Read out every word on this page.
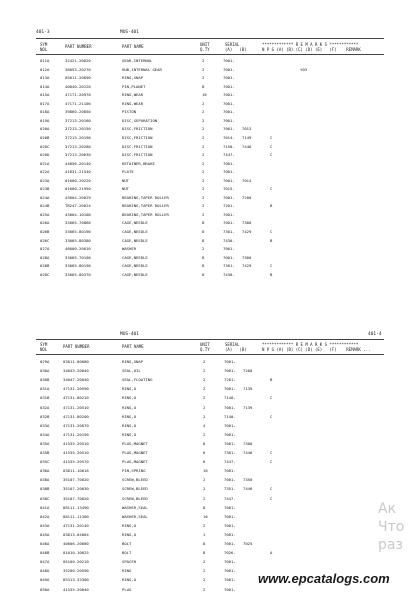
401-3	MUS-401
SYM
NOL
PART NUMBER	PART NAME	UNIT
Q.TY
SERIAL
(A)   (B)
************* R E M A R K S ************
N P G (A) (B) (C) (D) (E)   (F)    REMARK
011A	32421-20020	GEAR,INTERNAL	2	7001-
012A	38053-20270	HUB,INTERNAL GEAR	2	7001-	Y03
013A	05011-20090	RING,SNAP	2	7001-
014A	40040-20120	PIN,PLANET	8	7001-
015A	47171-20970	RING,WEAR	16	7001-
017A	47171-21100	RING,WEAR	2	7001-
018A	39860-20850	PISTON	2	7001-
019A	37213-20160	DISC,SEPARATION	2	7001-
020A	37213-20150	DISC,FRICTION	2	7001- 7013
020B	37213-20190	DISC,FRICTION	2	7014- 7149	C
020C	37213-20280	DISC,FRICTION	2	7150- 7446	C
020D	37213-20630	DISC,FRICTION	2	7447-	C
021A	44856-20140	RETAINER,BRAKE	2	7001-
022A	41831-21540	PLATE	2	7001-
023A	01600-20220	NUT	2	7001- 7014
023B	01600-21950	NUT	2	7015-	C
024A	43004-20029	BEARING,TAPER ROLLER	2	7001- 7200
024B	TB247-20024	BEARING,TAPER ROLLER	2	7201-	B
025A	43004-10100	BEARING,TAPER ROLLER	2	7001-
026A	33065-70060	CAGE,NEEDLE	8	7001- 7300
026B	33065-80190	CAGE,NEEDLE	8	7301- 7429	C
026C	33065-80380	CAGE,NEEDLE	8	7430-	B
027A	48000-20010	WASHER	2	7001-
028A	33065-70100	CAGE,NEEDLE	8	7001- 7300
028B	33065-80190	CAGE,NEEDLE	8	7301- 7429	C
028C	33065-80370	CAGE,NEEDLE	8	7430-	B
MUS-401	401-4
SYM
NOL
PART NUMBER	PART NAME	UNIT
Q.TY
SERIAL
(A)   (B)
************* R E M A R K S ************
N P G (A) (B) (C) (D) (E)   (F)    REMARK ...
029A	03011-00080	RING,SNAP	2	7001-
030A	34043-20040	SEAL,OIL	2	7001- 7200
030B	34047-20040	SEAL,FLOATING	2	7201-	B
031A	47131-20590	RING,O	2	7001- 7139
031B	47131-80210	RING,O	2	7140-	C
032A	47131-20510	RING,O	2	7001- 7139
032B	47131-80200	RING,O	2	7140-	C
033A	47131-20870	RING,O	4	7001-
034A	47131-20190	RING,O	2	7001-
035A	41535-20510	PLUG,MAGNET	6	7001- 7300
035B	41535-20510	PLUG,MAGNET	6	7301- 7446	C
035C	41535-20570	PLUG,MAGNET	6	7447-	C
036A	03011-10016	PIN,SPRING	16	7001-
038A	35107-70020	SCREW,BLEED	2	7001- 7350
038B	35107-20030	SCREW,BLEED	2	7351- 7446	C
038C	35107-70020	SCREW,BLEED	2	7447-	C
041A	88111-13490	WASHER,SEAL	8	7001-
042A	88111-11300	WASHER,SEAL	16	7001-
043A	47131-20140	RING,O	2	7001-
045A	03013-04064	RING,O	1	7001-
046A	40606-20680	BOLT	8	7001- 7025
046B	01010-10025	BOLT	8	7026-	A
047A	05100-20210	SPACER	2	7001-
048A	35200-20590	RING	2	7001-
049A	85313-33300	RING,O	2	7001-
050A	41535-20040	PLUG	2	7001-
Ак
Что
раз
www.epcatalogs.com
